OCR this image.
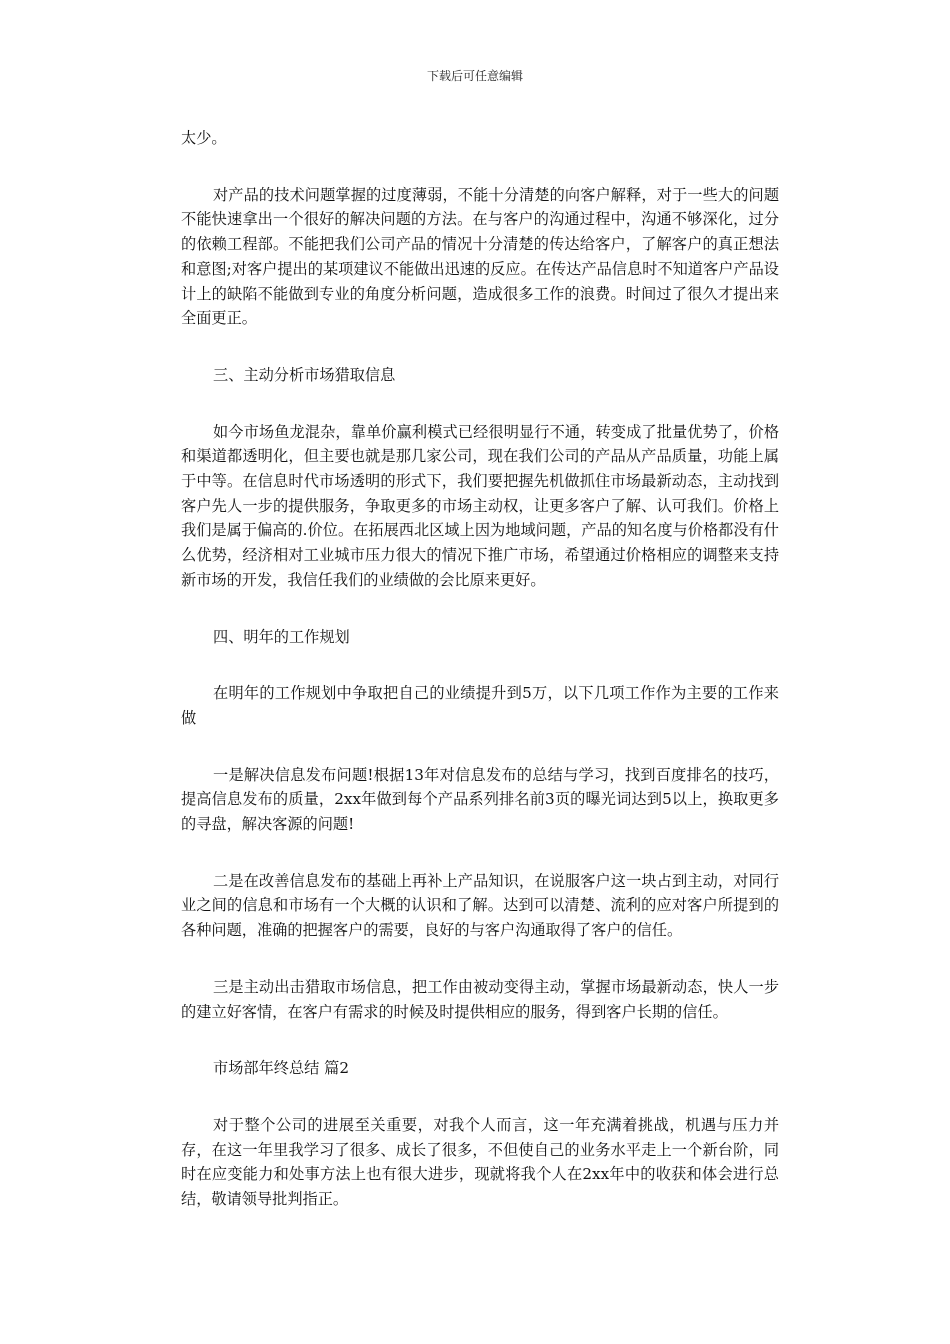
下载后可任意编辑

太少。

对产品的技术问题掌握的过度薄弱，不能十分清楚的向客户解释，对于一些大的问题不能快速拿出一个很好的解决问题的方法。在与客户的沟通过程中，沟通不够深化，过分的依赖工程部。不能把我们公司产品的情况十分清楚的传达给客户，了解客户的真正想法和意图;对客户提出的某项建议不能做出迅速的反应。在传达产品信息时不知道客户产品设计上的缺陷不能做到专业的角度分析问题，造成很多工作的浪费。时间过了很久才提出来全面更正。

三、主动分析市场猎取信息

如今市场鱼龙混杂，靠单价赢利模式已经很明显行不通，转变成了批量优势了，价格和渠道都透明化，但主要也就是那几家公司，现在我们公司的产品从产品质量，功能上属于中等。在信息时代市场透明的形式下，我们要把握先机做抓住市场最新动态，主动找到客户先人一步的提供服务，争取更多的市场主动权，让更多客户了解、认可我们。价格上我们是属于偏高的.价位。在拓展西北区域上因为地域问题，产品的知名度与价格都没有什么优势，经济相对工业城市压力很大的情况下推广市场，希望通过价格相应的调整来支持新市场的开发，我信任我们的业绩做的会比原来更好。

四、明年的工作规划

在明年的工作规划中争取把自己的业绩提升到5万，以下几项工作作为主要的工作来做

一是解决信息发布问题!根据13年对信息发布的总结与学习，找到百度排名的技巧，提高信息发布的质量，2xx年做到每个产品系列排名前3页的曝光词达到5以上，换取更多的寻盘，解决客源的问题!

二是在改善信息发布的基础上再补上产品知识，在说服客户这一块占到主动，对同行业之间的信息和市场有一个大概的认识和了解。达到可以清楚、流利的应对客户所提到的各种问题，准确的把握客户的需要，良好的与客户沟通取得了客户的信任。

三是主动出击猎取市场信息，把工作由被动变得主动，掌握市场最新动态，快人一步的建立好客情，在客户有需求的时候及时提供相应的服务，得到客户长期的信任。

市场部年终总结 篇2

对于整个公司的进展至关重要，对我个人而言，这一年充满着挑战，机遇与压力并存，在这一年里我学习了很多、成长了很多，不但使自己的业务水平走上一个新台阶，同时在应变能力和处事方法上也有很大进步，现就将我个人在2xx年中的收获和体会进行总结，敬请领导批判指正。
